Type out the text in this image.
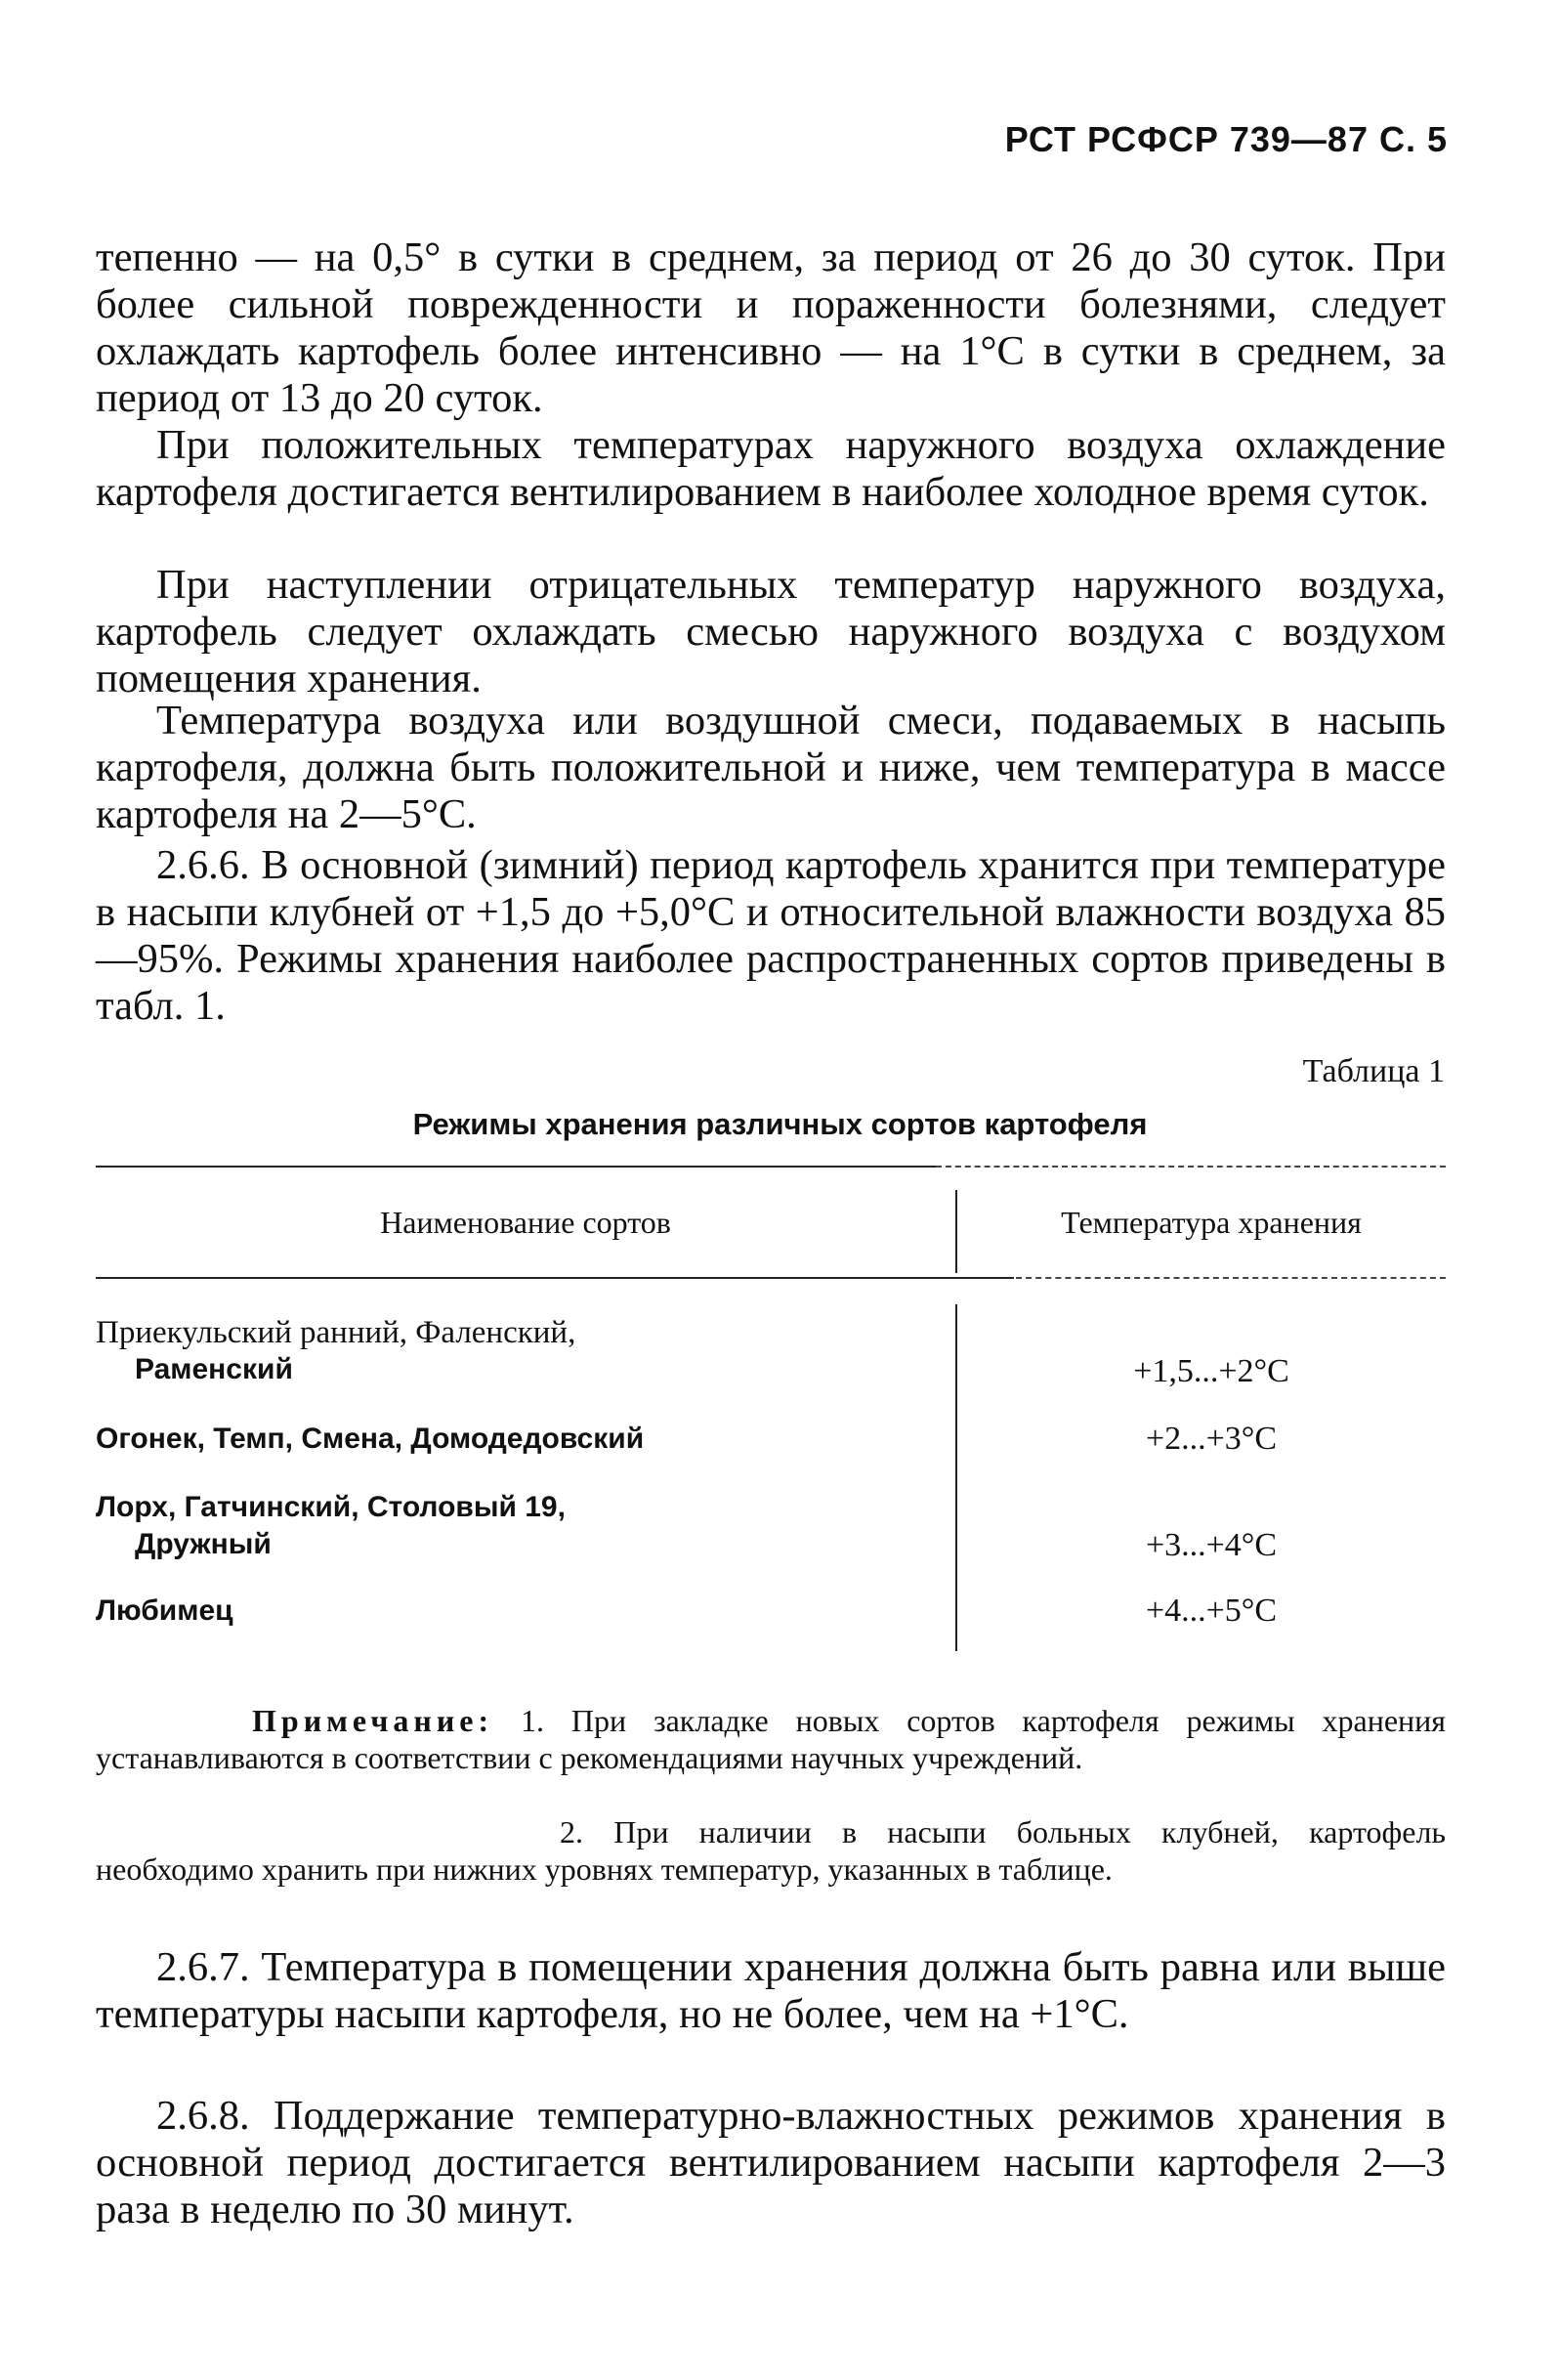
РСТ РСФСР 739—87 С. 5

тепенно — на 0,5° в сутки в среднем, за период от 26 до 30 суток. При более сильной поврежденности и пораженности болезнями, следует охлаждать картофель более интенсивно — на 1°С в сутки в среднем, за период от 13 до 20 суток.

При положительных температурах наружного воздуха охлаждение картофеля достигается вентилированием в наиболее холодное время суток.

При наступлении отрицательных температур наружного воздуха, картофель следует охлаждать смесью наружного воздуха с воздухом помещения хранения.

Температура воздуха или воздушной смеси, подаваемых в насыпь картофеля, должна быть положительной и ниже, чем температура в массе картофеля на 2—5°С.

2.6.6. В основной (зимний) период картофель хранится при температуре в насыпи клубней от +1,5 до +5,0°С и относительной влажности воздуха 85—95%. Режимы хранения наиболее распространенных сортов приведены в табл. 1.

Таблица 1
Режимы хранения различных сортов картофеля
Наименование сортов	Температура хранения
Приекульский ранний, Фаленский,
Раменский	+1,5...+2°С
Огонек, Темп, Смена, Домодедовский	+2...+3°С
Лорх, Гатчинский, Столовый 19,
Дружный	+3...+4°С
Любимец	+4...+5°С
Примечание: 1. При закладке новых сортов картофеля режимы хранения устанавливаются в соответствии с рекомендациями научных учреждений.
2. При наличии в насыпи больных клубней, картофель необходимо хранить при нижних уровнях температур, указанных в таблице.

2.6.7. Температура в помещении хранения должна быть равна или выше температуры насыпи картофеля, но не более, чем на +1°С.

2.6.8. Поддержание температурно-влажностных режимов хранения в основной период достигается вентилированием насыпи картофеля 2—3 раза в неделю по 30 минут.
